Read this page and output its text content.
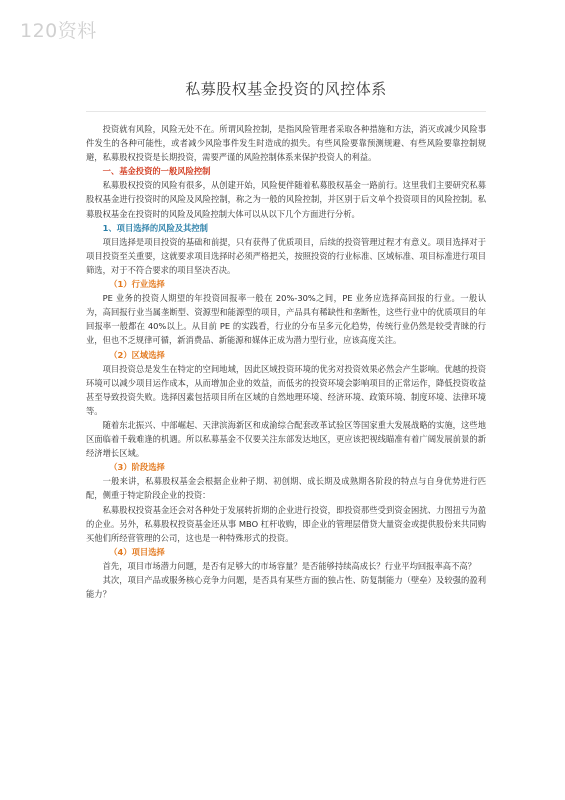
120资料
私募股权基金投资的风控体系

投资就有风险，风险无处不在。所谓风险控制，是指风险管理者采取各种措施和方法，消灭或减少风险事件发生的各种可能性，或者减少风险事件发生时造成的损失。有些风险要靠预测规避、有些风险要靠控制规避，私募股权投资是长期投资，需要严谨的风险控制体系来保护投资人的利益。

一、基金投资的一般风险控制

私募股权投资的风险有很多，从创建开始，风险便伴随着私募股权基金一路前行。这里我们主要研究私募股权基金进行投资时的风险及风险控制，称之为一般的风险控制，并区别于后文单个投资项目的风险控制。私募股权基金在投资时的风险及风险控制大体可以从以下几个方面进行分析。

1、项目选择的风险及其控制

项目选择是项目投资的基础和前提，只有获得了优质项目，后续的投资管理过程才有意义。项目选择对于项目投资至关重要，这就要求项目选择时必须严格把关，按照投资的行业标准、区域标准、项目标准进行项目筛选，对于不符合要求的项目坚决否决。

（1）行业选择

PE 业务的投资人期望的年投资回报率一般在 20%-30%之间，PE 业务应选择高回报的行业。一般认为，高回报行业当属垄断型、资源型和能源型的项目，产品具有稀缺性和垄断性，这些行业中的优质项目的年回报率一般都在 40%以上。从目前 PE 的实践看，行业的分布呈多元化趋势，传统行业仍然是较受青睐的行业，但也不乏规律可循，新消费品、新能源和媒体正成为潜力型行业，应该高度关注。

（2）区域选择

项目投资总是发生在特定的空间地域，因此区域投资环境的优劣对投资效果必然会产生影响。优越的投资环境可以减少项目运作成本，从而增加企业的效益，而低劣的投资环境会影响项目的正常运作，降低投资收益甚至导致投资失败。选择因素包括项目所在区域的自然地理环境、经济环境、政策环境、制度环境、法律环境等。

随着东北振兴、中部崛起、天津滨海新区和成渝综合配套改革试验区等国家重大发展战略的实施，这些地区面临着千载难逢的机遇。所以私募基金不仅要关注东部发达地区，更应该把视线瞄准有着广阔发展前景的新经济增长区域。

（3）阶段选择

一般来讲，私募股权基金会根据企业种子期、初创期、成长期及成熟期各阶段的特点与自身优势进行匹配，侧重于特定阶段企业的投资：

私募股权投资基金还会对各种处于发展转折期的企业进行投资，即投资那些受到资金困扰、力图扭亏为盈的企业。另外，私募股权投资基金还从事 MBO 杠杆收购，即企业的管理层借贷大量资金或提供股份来共同购买他们所经营管理的公司，这也是一种特殊形式的投资。

（4）项目选择

首先，项目市场潜力问题，是否有足够大的市场容量？是否能够持续高成长？行业平均回报率高不高？

其次，项目产品或服务核心竞争力问题，是否具有某些方面的独占性、防复制能力（壁垒）及较强的盈利能力？
